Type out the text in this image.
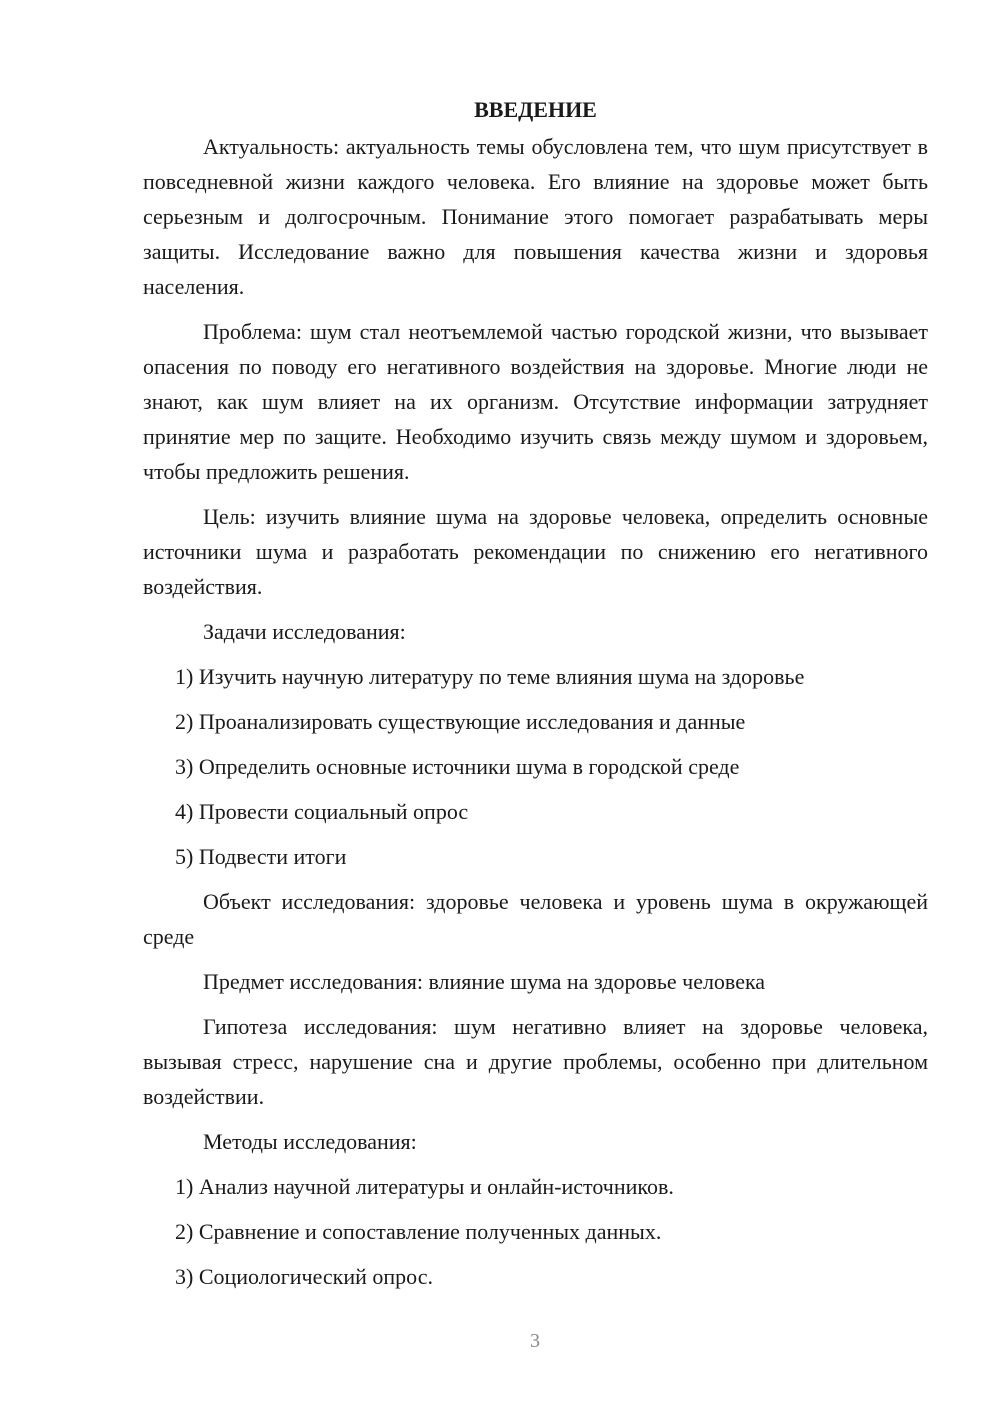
ВВЕДЕНИЕ

Актуальность: актуальность темы обусловлена тем, что шум присутствует в повседневной жизни каждого человека. Его влияние на здоровье может быть серьезным и долгосрочным. Понимание этого помогает разрабатывать меры защиты. Исследование важно для повышения качества жизни и здоровья населения.

Проблема: шум стал неотъемлемой частью городской жизни, что вызывает опасения по поводу его негативного воздействия на здоровье. Многие люди не знают, как шум влияет на их организм. Отсутствие информации затрудняет принятие мер по защите. Необходимо изучить связь между шумом и здоровьем, чтобы предложить решения.

Цель: изучить влияние шума на здоровье человека, определить основные источники шума и разработать рекомендации по снижению его негативного воздействия.

Задачи исследования:

1) Изучить научную литературу по теме влияния шума на здоровье
2) Проанализировать существующие исследования и данные
3) Определить основные источники шума в городской среде
4) Провести социальный опрос
5) Подвести итоги

Объект исследования: здоровье человека и уровень шума в окружающей среде

Предмет исследования: влияние шума на здоровье человека

Гипотеза исследования: шум негативно влияет на здоровье человека, вызывая стресс, нарушение сна и другие проблемы, особенно при длительном воздействии.

Методы исследования:

1) Анализ научной литературы и онлайн-источников.
2) Сравнение и сопоставление полученных данных.
3) Социологический опрос.
3
